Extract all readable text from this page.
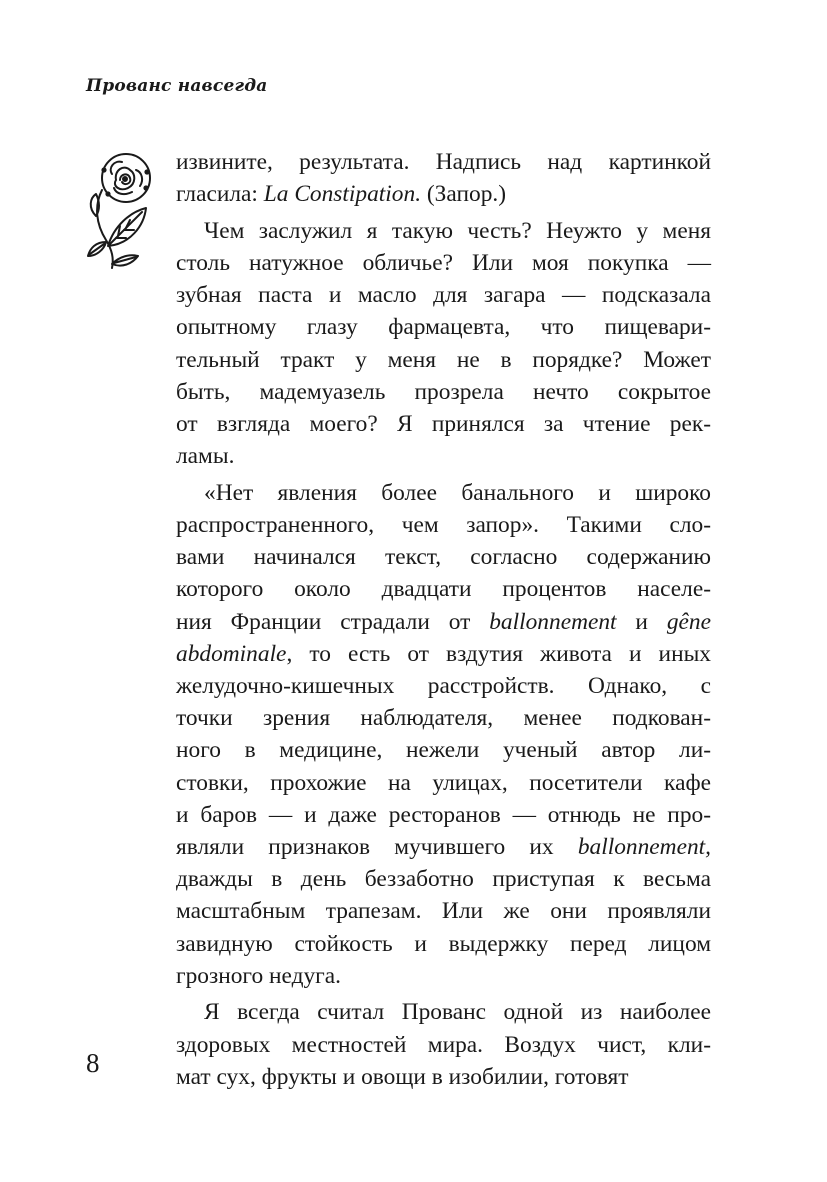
Прованс навсегда
извините, результата. Надпись над картинкой
гласила: La Constipation. (Запор.)
Чем заслужил я такую честь? Неужто у меня
столь натужное обличье? Или моя покупка —
зубная паста и масло для загара — подсказала
опытному глазу фармацевта, что пищевари-
тельный тракт у меня не в порядке? Может
быть, мадемуазель прозрела нечто сокрытое
от взгляда моего? Я принялся за чтение рек-
ламы.
«Нет явления более банального и широко
распространенного, чем запор». Такими сло-
вами начинался текст, согласно содержанию
которого около двадцати процентов населе-
ния Франции страдали от ballonnement и gêne
abdominale, то есть от вздутия живота и иных
желудочно-кишечных расстройств. Однако, с
точки зрения наблюдателя, менее подкован-
ного в медицине, нежели ученый автор ли-
стовки, прохожие на улицах, посетители кафе
и баров — и даже ресторанов — отнюдь не про-
являли признаков мучившего их ballonnement,
дважды в день беззаботно приступая к весьма
масштабным трапезам. Или же они проявляли
завидную стойкость и выдержку перед лицом
грозного недуга.
Я всегда считал Прованс одной из наиболее
здоровых местностей мира. Воздух чист, кли-
мат сух, фрукты и овощи в изобилии, готовят
8
